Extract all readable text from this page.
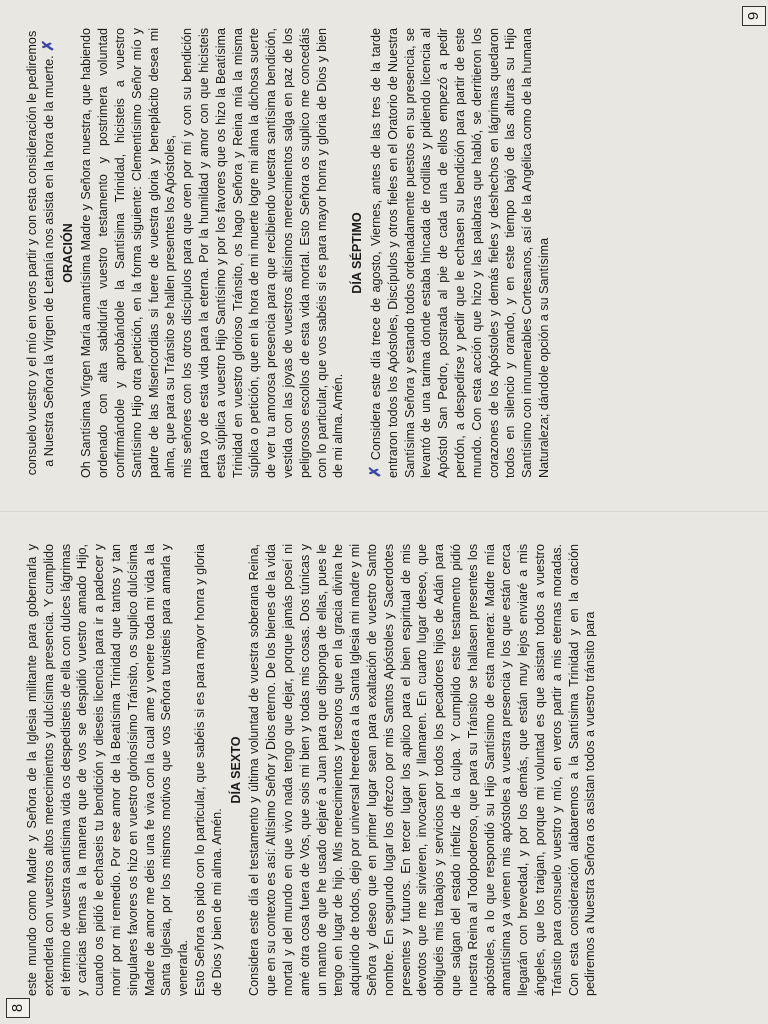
este mundo como Madre y Señora de la Iglesia militante para gobernarla y extenderla con vuestros altos merecimientos y dulcísima presencia. Y cumplido el término de vuestra santísima vida os despedisteis de ella con dulces lágrimas y caricias tiernas a la manera que de vos se despidió vuestro amado Hijo, cuando os pidió le echaseis tu bendición y dieseis licencia para ir a padecer y morir por mi remedio. Por ese amor de la Beatísima Trinidad que tantos y tan singulares favores os hizo en vuestro gloriosísimo Tránsito, os suplico dulcísima Madre de amor me deis una fe viva con la cual ame y venere toda mi vida a la Santa Iglesia, por los mismos motivos que vos Señora tuvisteis para amarla y venerarla. Esto Señora os pido con lo particular, que sabéis si es para mayor honra y gloria de Dios y bien de mi alma. Amén.

DÍA SEXTO Considera este día el testamento y última voluntad de vuestra soberana Reina, que en su contexto es así: Altísimo Señor y Dios eterno. De los bienes de la vida mortal y del mundo en que vivo nada tengo que dejar, porque jamás poseí ni amé otra cosa fuera de Vos, que sois mi bien y todas mis cosas. Dos túnicas y un manto de que he usado dejaré a Juan para que disponga de ellas, pues le tengo en lugar de hijo. Mis merecimientos y tesoros que en la gracia divina he adquirido de todos, dejo por universal heredera a la Santa Iglesia mi madre y mi Señora y deseo que en primer lugar sean para exaltación de vuestro Santo nombre. En segundo lugar los ofrezco por mis Santos Apóstoles y Sacerdotes presentes y futuros. En tercer lugar los aplico para el bien espiritual de mis devotos que me sirvieren, invocaren y llamaren. En cuarto lugar deseo, que obliguéis mis trabajos y servicios por todos los pecadores hijos de Adán para que salgan del estado infeliz de la culpa. Y cumplido este testamento pidió nuestra Reina al Todopoderoso, que para su Tránsito se hallasen presentes los apóstoles, a lo que respondió su Hijo Santísimo de esta manera: Madre mía amantísima ya vienen mis apóstoles a vuestra presencia y los que están cerca llegarán con brevedad, y por los demás, que están muy lejos enviaré a mis ángeles, que los traigan, porque mi voluntad es que asistan todos a vuestro Tránsito para consuelo vuestro y mío, en veros partir a mis eternas moradas. Con esta consideración alabaremos a la Santísima Trinidad y en la oración pediremos a Nuestra Señora os asistan todos a vuestro tránsito para

8

consuelo vuestro y el mío en veros partir y con esta consideración le pediremos a Nuestra Señora la Virgen de Letanía nos asista en la hora de la muerte. ✗

ORACIÓN Oh Santísima Virgen María amantísima Madre y Señora nuestra, que habiendo ordenado con alta sabiduría vuestro testamento y postrimera voluntad confirmándole y aprobándole la Santísima Trinidad, hicisteis a vuestro Santísimo Hijo otra petición, en la forma siguiente: Clementísimo Señor mío y padre de las Misericordias si fuere de vuestra gloria y beneplácito desea mi alma, que para su Tránsito se hallen presentes los Apóstoles, mis señores con los otros discípulos para que oren por mí y con su bendición parta yo de esta vida para la eterna. Por la humildad y amor con que hicisteis esta súplica a vuestro Hijo Santísimo y por los favores que os hizo la Beatísima Trinidad en vuestro glorioso Tránsito, os hago Señora y Reina mía la misma súplica o petición, que en la hora de mi muerte logre mi alma la dichosa suerte de ver tu amorosa presencia para que recibiendo vuestra santísima bendición, vestida con las joyas de vuestros altísimos merecimientos salga en paz de los peligrosos escollos de esta vida mortal. Esto Señora os suplico me concedáis con lo particular, que vos sabéis si es para mayor honra y gloria de Dios y bien de mi alma. Amén.

DÍA SÉPTIMO

✗ Considera este día trece de agosto, Viernes, antes de las tres de la tarde entraron todos los Apóstoles, Discípulos y otros fieles en el Oratorio de Nuestra Santísima Señora y estando todos ordenadamente puestos en su presencia, se levantó de una tarima donde estaba hincada de rodillas y pidiendo licencia al Apóstol San Pedro, postrada al pie de cada una de ellos empezó a pedir perdón, a despedirse y pedir que le echasen su bendición para partir de este mundo. Con esta acción que hizo y las palabras que habló, se derritieron los corazones de los Apóstoles y demás fieles y deshechos en lágrimas quedaron todos en silencio y orando, y en este tiempo bajó de las alturas su Hijo Santísimo con innumerables Cortesanos, así de la Angélica como de la humana Naturaleza; dándole opción a su Santísima

9
